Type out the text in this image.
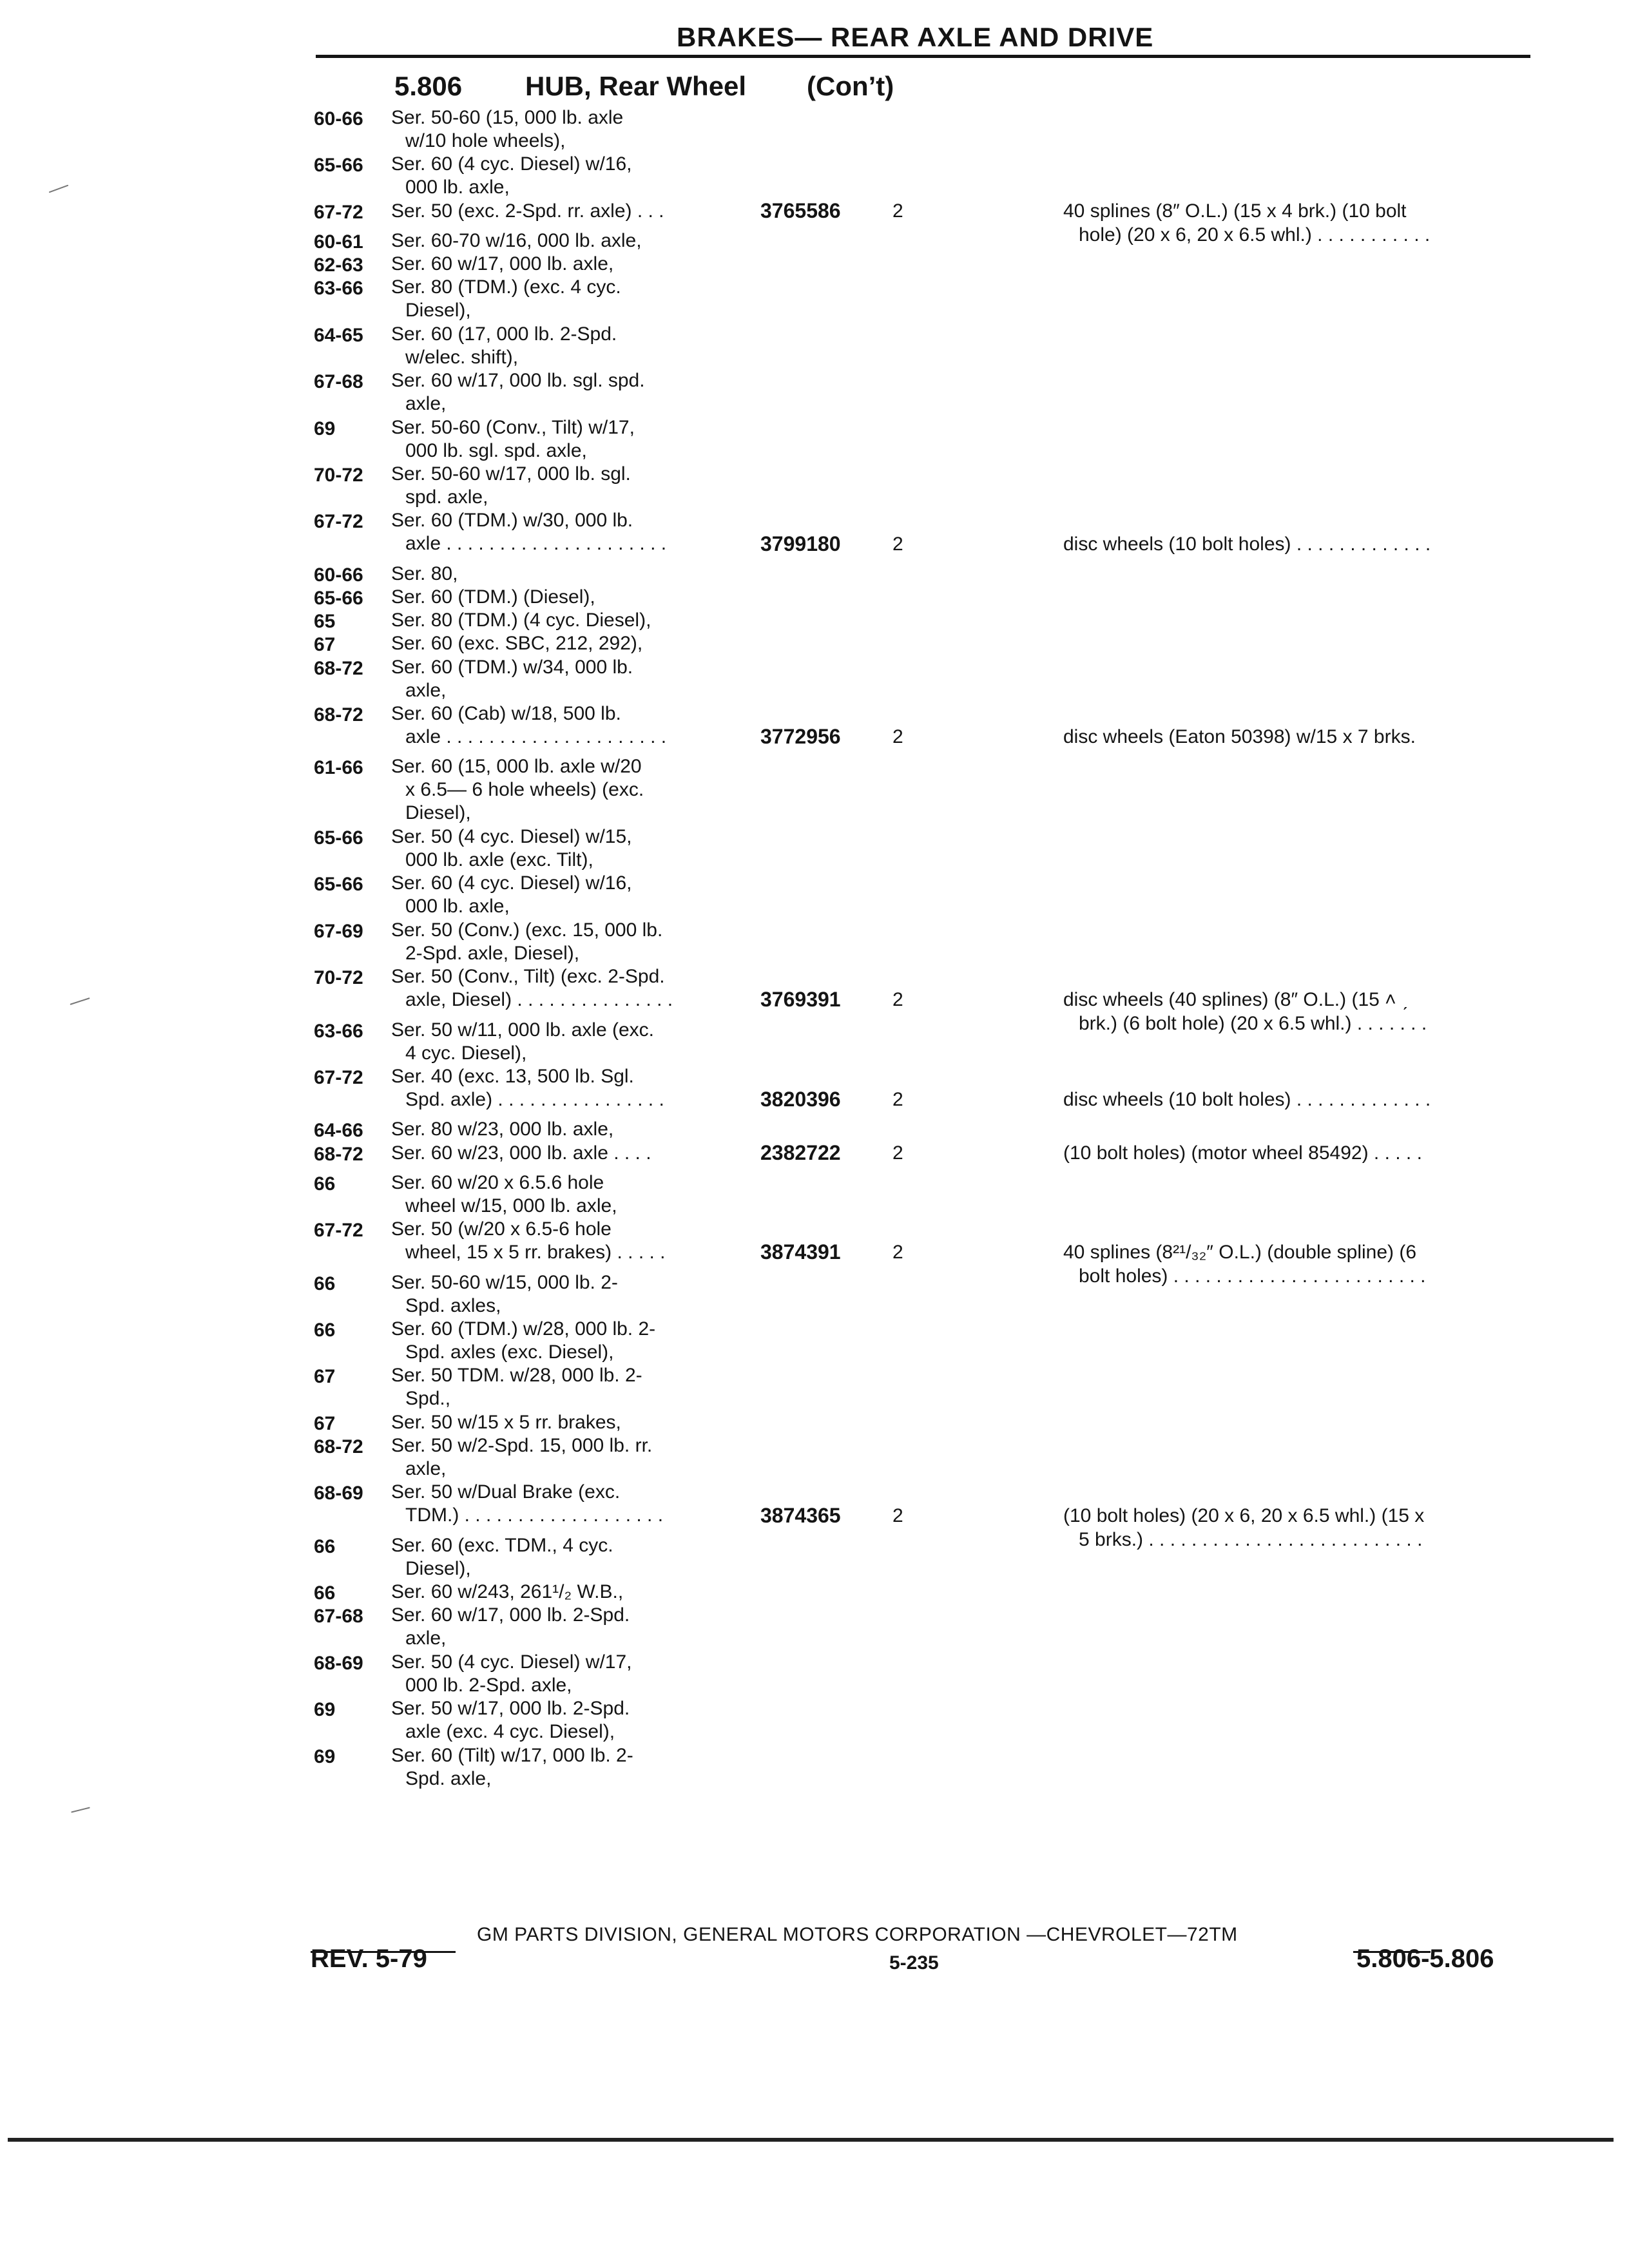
BRAKES— REAR AXLE AND DRIVE
5.806 HUB, Rear Wheel (Con’t)
60-66 Ser. 50-60 (15, 000 lb. axle
w/10 hole wheels),
65-66 Ser. 60 (4 cyc. Diesel) w/16,
000 lb. axle,
67-72 Ser. 50 (exc. 2-Spd. rr. axle) . . .	3765586	2	40 splines (8″ O.L.) (15 x 4 brk.) (10 bolt
hole) (20 x 6, 20 x 6.5 whl.) . . . . . . . . . . .
60-61 Ser. 60-70 w/16, 000 lb. axle,
62-63 Ser. 60 w/17, 000 lb. axle,
63-66 Ser. 80 (TDM.) (exc. 4 cyc.
Diesel),
64-65 Ser. 60 (17, 000 lb. 2-Spd.
w/elec. shift),
67-68 Ser. 60 w/17, 000 lb. sgl. spd.
axle,
69	Ser. 50-60 (Conv., Tilt) w/17,
000 lb. sgl. spd. axle,
70-72 Ser. 50-60 w/17, 000 lb. sgl.
spd. axle,
67-72 Ser. 60 (TDM.) w/30, 000 lb.
axle . . . . . . . . . . . . . . . . . . . . .	3799180	2	disc wheels (10 bolt holes) . . . . . . . . . . . . .
60-66 Ser. 80,
65-66 Ser. 60 (TDM.) (Diesel),
65	Ser. 80 (TDM.) (4 cyc. Diesel),
67	Ser. 60 (exc. SBC, 212, 292),
68-72 Ser. 60 (TDM.) w/34, 000 lb.
axle,
68-72 Ser. 60 (Cab) w/18, 500 lb.
axle . . . . . . . . . . . . . . . . . . . . .	3772956	2	disc wheels (Eaton 50398) w/15 x 7 brks.
61-66 Ser. 60 (15, 000 lb. axle w/20
x 6.5— 6 hole wheels) (exc.
Diesel),
65-66 Ser. 50 (4 cyc. Diesel) w/15,
000 lb. axle (exc. Tilt),
65-66 Ser. 60 (4 cyc. Diesel) w/16,
000 lb. axle,
67-69 Ser. 50 (Conv.) (exc. 15, 000 lb.
2-Spd. axle, Diesel),
70-72 Ser. 50 (Conv., Tilt) (exc. 2-Spd.
axle, Diesel) . . . . . . . . . . . . . . .	3769391	2	disc wheels (40 splines) (8″ O.L.) (15 ˄ ˏ
brk.) (6 bolt hole) (20 x 6.5 whl.) . . . . . . .
63-66 Ser. 50 w/11, 000 lb. axle (exc.
4 cyc. Diesel),
67-72 Ser. 40 (exc. 13, 500 lb. Sgl.
Spd. axle) . . . . . . . . . . . . . . . .	3820396	2	disc wheels (10 bolt holes) . . . . . . . . . . . . .
64-66 Ser. 80 w/23, 000 lb. axle,
68-72 Ser. 60 w/23, 000 lb. axle . . . .	2382722	2	(10 bolt holes) (motor wheel 85492) . . . . .
66	Ser. 60 w/20 x 6.5.6 hole
wheel w/15, 000 lb. axle,
67-72 Ser. 50 (w/20 x 6.5-6 hole
wheel, 15 x 5 rr. brakes) . . . . .	3874391	2	40 splines (8²¹/₃₂″ O.L.) (double spline) (6
bolt holes) . . . . . . . . . . . . . . . . . . . . . . . .
66	Ser. 50-60 w/15, 000 lb. 2-
Spd. axles,
66	Ser. 60 (TDM.) w/28, 000 lb. 2-
Spd. axles (exc. Diesel),
67	Ser. 50 TDM. w/28, 000 lb. 2-
Spd.,
67	Ser. 50 w/15 x 5 rr. brakes,
68-72 Ser. 50 w/2-Spd. 15, 000 lb. rr.
axle,
68-69 Ser. 50 w/Dual Brake (exc.
TDM.) . . . . . . . . . . . . . . . . . . .	3874365	2	(10 bolt holes) (20 x 6, 20 x 6.5 whl.) (15 x
5 brks.) . . . . . . . . . . . . . . . . . . . . . . . . . .
66	Ser. 60 (exc. TDM., 4 cyc.
Diesel),
66	Ser. 60 w/243, 261¹/₂ W.B.,
67-68 Ser. 60 w/17, 000 lb. 2-Spd.
axle,
68-69 Ser. 50 (4 cyc. Diesel) w/17,
000 lb. 2-Spd. axle,
69	Ser. 50 w/17, 000 lb. 2-Spd.
axle (exc. 4 cyc. Diesel),
69	Ser. 60 (Tilt) w/17, 000 lb. 2-
Spd. axle,
GM PARTS DIVISION, GENERAL MOTORS CORPORATION —CHEVROLET—72TM
REV. 5-79	5-235	5.806-5.806
